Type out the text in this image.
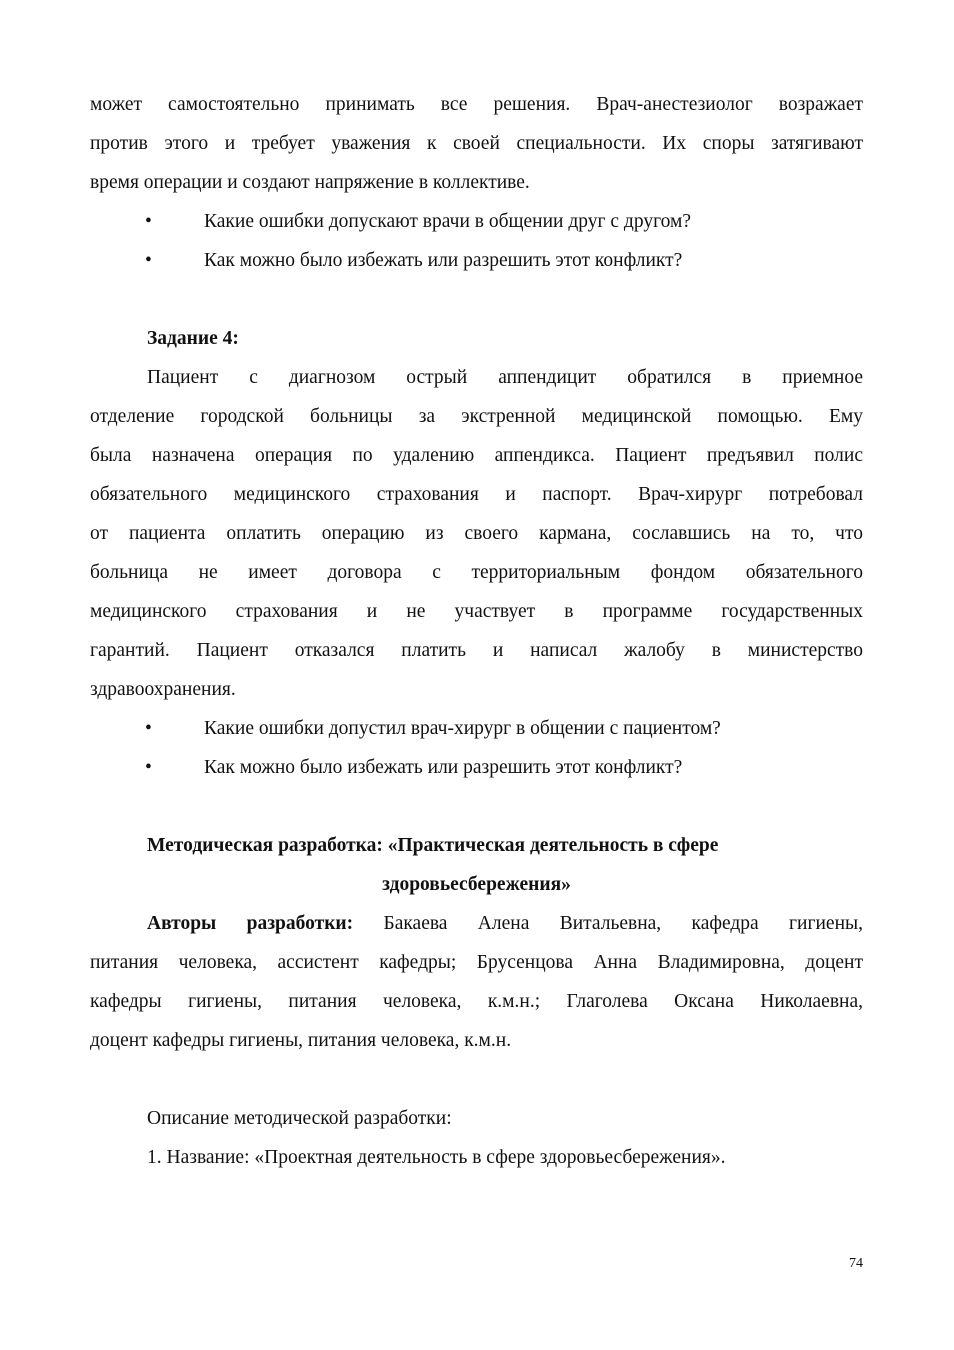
может самостоятельно принимать все решения. Врач-анестезиолог возражает
против этого и требует уважения к своей специальности. Их споры затягивают
время операции и создают напряжение в коллективе.
•	Какие ошибки допускают врачи в общении друг с другом?
•	Как можно было избежать или разрешить этот конфликт?
Задание 4:
Пациент с диагнозом острый аппендицит обратился в приемное
отделение городской больницы за экстренной медицинской помощью. Ему
была назначена операция по удалению аппендикса. Пациент предъявил полис
обязательного медицинского страхования и паспорт. Врач-хирург потребовал
от пациента оплатить операцию из своего кармана, сославшись на то, что
больница не имеет договора с территориальным фондом обязательного
медицинского страхования и не участвует в программе государственных
гарантий. Пациент отказался платить и написал жалобу в министерство
здравоохранения.
•	Какие ошибки допустил врач-хирург в общении с пациентом?
•	Как можно было избежать или разрешить этот конфликт?
Методическая разработка: «Практическая деятельность в сфере
здоровьесбережения»
Авторы разработки: Бакаева Алена Витальевна, кафедра гигиены,
питания человека, ассистент кафедры; Брусенцова Анна Владимировна, доцент
кафедры гигиены, питания человека, к.м.н.; Глаголева Оксана Николаевна,
доцент кафедры гигиены, питания человека, к.м.н.
Описание методической разработки:
1. Название: «Проектная деятельность в сфере здоровьесбережения».
74
